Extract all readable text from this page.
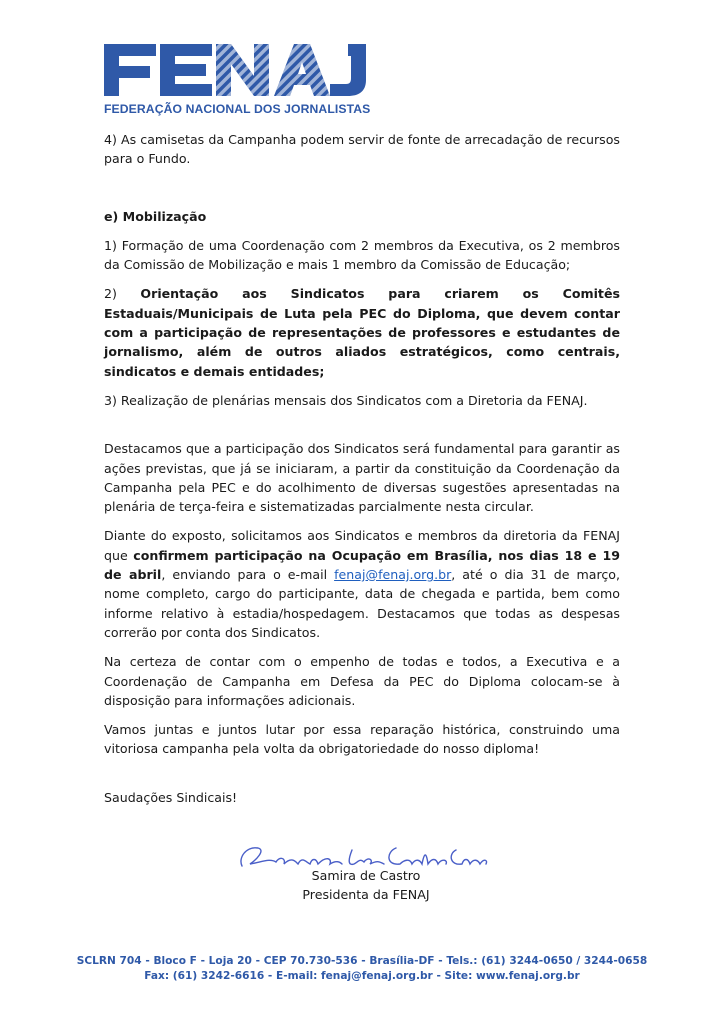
FEDERAÇÃO NACIONAL DOS JORNALISTAS

4) As camisetas da Campanha podem servir de fonte de arrecadação de recursos para o Fundo.

e) Mobilização

1) Formação de uma Coordenação com 2 membros da Executiva, os 2 membros da Comissão de Mobilização e mais 1 membro da Comissão de Educação;

2) Orientação aos Sindicatos para criarem os Comitês Estaduais/Municipais de Luta pela PEC do Diploma, que devem contar com a participação de representações de professores e estudantes de jornalismo, além de outros aliados estratégicos, como centrais, sindicatos e demais entidades;

3) Realização de plenárias mensais dos Sindicatos com a Diretoria da FENAJ.

Destacamos que a participação dos Sindicatos será fundamental para garantir as ações previstas, que já se iniciaram, a partir da constituição da Coordenação da Campanha pela PEC e do acolhimento de diversas sugestões apresentadas na plenária de terça-feira e sistematizadas parcialmente nesta circular.

Diante do exposto, solicitamos aos Sindicatos e membros da diretoria da FENAJ que confirmem participação na Ocupação em Brasília, nos dias 18 e 19 de abril, enviando para o e-mail fenaj@fenaj.org.br, até o dia 31 de março, nome completo, cargo do participante, data de chegada e partida, bem como informe relativo à estadia/hospedagem. Destacamos que todas as despesas correrão por conta dos Sindicatos.

Na certeza de contar com o empenho de todas e todos, a Executiva e a Coordenação de Campanha em Defesa da PEC do Diploma colocam-se à disposição para informações adicionais.

Vamos juntas e juntos lutar por essa reparação histórica, construindo uma vitoriosa campanha pela volta da obrigatoriedade do nosso diploma!

Saudações Sindicais!

Samira de Castro
Presidenta da FENAJ
SCLRN 704 - Bloco F - Loja 20 - CEP 70.730-536 - Brasília-DF - Tels.: (61) 3244-0650 / 3244-0658
Fax: (61) 3242-6616 - E-mail: fenaj@fenaj.org.br - Site: www.fenaj.org.br
